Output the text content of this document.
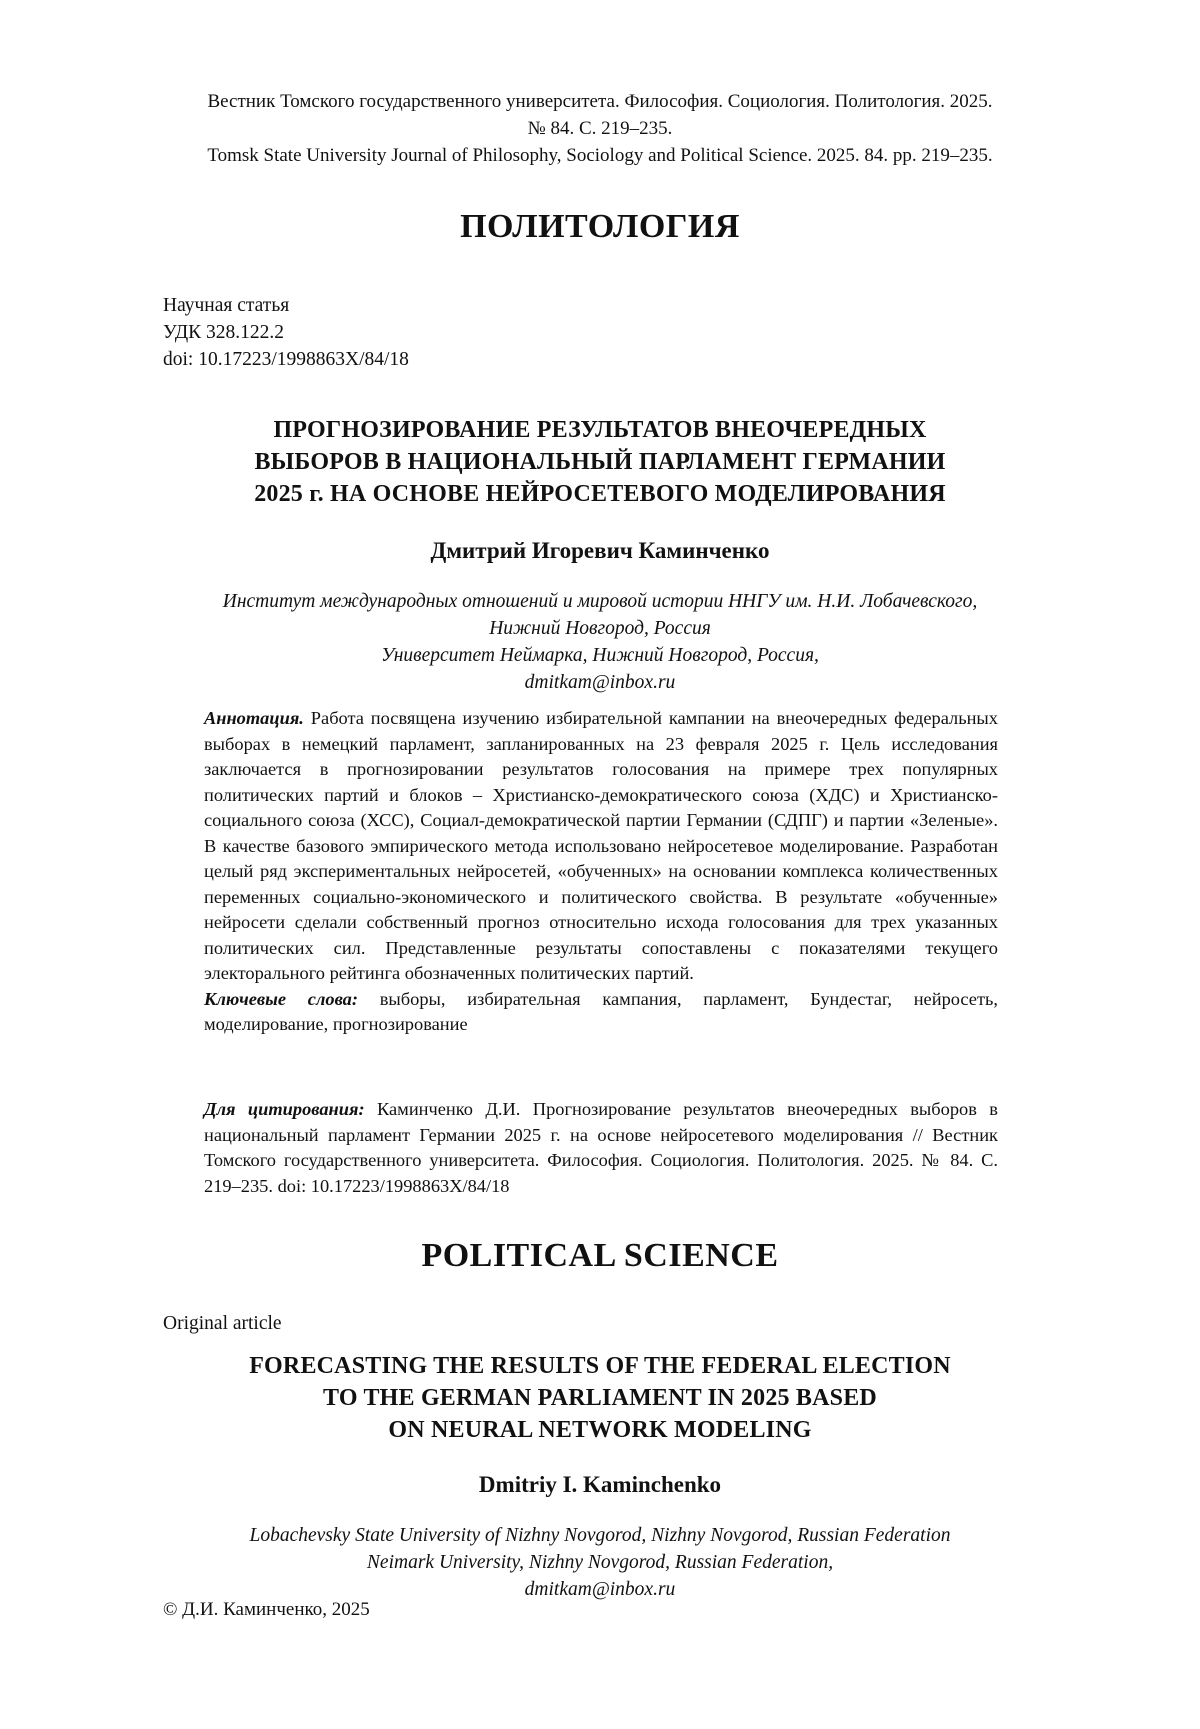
Вестник Томского государственного университета. Философия. Социология. Политология. 2025.
№ 84. С. 219–235.
Tomsk State University Journal of Philosophy, Sociology and Political Science. 2025. 84. pp. 219–235.
ПОЛИТОЛОГИЯ
Научная статья
УДК 328.122.2
doi: 10.17223/1998863X/84/18
ПРОГНОЗИРОВАНИЕ РЕЗУЛЬТАТОВ ВНЕОЧЕРЕДНЫХ
ВЫБОРОВ В НАЦИОНАЛЬНЫЙ ПАРЛАМЕНТ ГЕРМАНИИ
2025 г. НА ОСНОВЕ НЕЙРОСЕТЕВОГО МОДЕЛИРОВАНИЯ
Дмитрий Игоревич Каминченко
Институт международных отношений и мировой истории ННГУ им. Н.И. Лобачевского,
Нижний Новгород, Россия
Университет Неймарка, Нижний Новгород, Россия,
dmitkam@inbox.ru

Аннотация. Работа посвящена изучению избирательной кампании на внеочередных федеральных выборах в немецкий парламент, запланированных на 23 февраля 2025 г. Цель исследования заключается в прогнозировании результатов голосования на примере трех популярных политических партий и блоков – Христианско-демократического союза (ХДС) и Христианско-социального союза (ХСС), Социал-демократической партии Германии (СДПГ) и партии «Зеленые». В качестве базового эмпирического метода использовано нейросетевое моделирование. Разработан целый ряд экспериментальных нейросетей, «обученных» на основании комплекса количественных переменных социально-экономического и политического свойства. В результате «обученные» нейросети сделали собственный прогноз относительно исхода голосования для трех указанных политических сил. Представленные результаты сопоставлены с показателями текущего электорального рейтинга обозначенных политических партий.

Ключевые слова: выборы, избирательная кампания, парламент, Бундестаг, нейросеть, моделирование, прогнозирование

Для цитирования: Каминченко Д.И. Прогнозирование результатов внеочередных выборов в национальный парламент Германии 2025 г. на основе нейросетевого моделирования // Вестник Томского государственного университета. Философия. Социология. Политология. 2025. № 84. С. 219–235. doi: 10.17223/1998863X/84/18

POLITICAL SCIENCE
Original article
FORECASTING THE RESULTS OF THE FEDERAL ELECTION
TO THE GERMAN PARLIAMENT IN 2025 BASED
ON NEURAL NETWORK MODELING
Dmitriy I. Kaminchenko
Lobachevsky State University of Nizhny Novgorod, Nizhny Novgorod, Russian Federation
Neimark University, Nizhny Novgorod, Russian Federation,
dmitkam@inbox.ru
© Д.И. Каминченко, 2025
